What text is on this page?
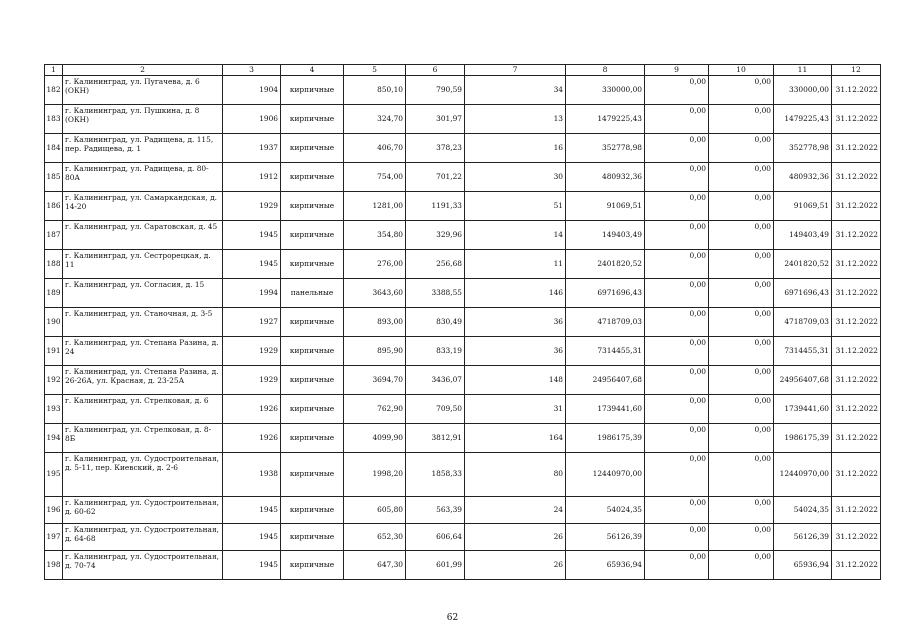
1	2	3	4	5	6	7	8	9	10	11	12
182	г. Калининград, ул. Пугачева, д. 6 (ОКН)	1904	кирпичные	850,10	790,59	34	330000,00	0,00	0,00	330000,00	31.12.2022
183	г. Калининград, ул. Пушкина, д. 8 (ОКН)	1906	кирпичные	324,70	301,97	13	1479225,43	0,00	0,00	1479225,43	31.12.2022
184	г. Калининград, ул. Радищева, д. 115, пер. Радищева, д. 1	1937	кирпичные	406,70	378,23	16	352778,98	0,00	0,00	352778,98	31.12.2022
185	г. Калининград, ул. Радищева, д. 80-80А	1912	кирпичные	754,00	701,22	30	480932,36	0,00	0,00	480932,36	31.12.2022
186	г. Калининград, ул. Самаркандская, д. 14-20	1929	кирпичные	1281,00	1191,33	51	91069,51	0,00	0,00	91069,51	31.12.2022
187	г. Калининград, ул. Саратовская, д. 45	1945	кирпичные	354,80	329,96	14	149403,49	0,00	0,00	149403,49	31.12.2022
188	г. Калининград, ул. Сестрорецкая, д. 11	1945	кирпичные	276,00	256,68	11	2401820,52	0,00	0,00	2401820,52	31.12.2022
189	г. Калининград, ул. Согласия, д. 15	1994	панельные	3643,60	3388,55	146	6971696,43	0,00	0,00	6971696,43	31.12.2022
190	г. Калининград, ул. Станочная, д. 3-5	1927	кирпичные	893,00	830,49	36	4718709,03	0,00	0,00	4718709,03	31.12.2022
191	г. Калининград, ул. Степана Разина, д. 24	1929	кирпичные	895,90	833,19	36	7314455,31	0,00	0,00	7314455,31	31.12.2022
192	г. Калининград, ул. Степана Разина, д. 26-26А, ул. Красная, д. 23-25А	1929	кирпичные	3694,70	3436,07	148	24956407,68	0,00	0,00	24956407,68	31.12.2022
193	г. Калининград, ул. Стрелковая, д. 6	1926	кирпичные	762,90	709,50	31	1739441,60	0,00	0,00	1739441,60	31.12.2022
194	г. Калининград, ул. Стрелковая, д. 8-8Б	1926	кирпичные	4099,90	3812,91	164	1986175,39	0,00	0,00	1986175,39	31.12.2022
195	г. Калининград, ул. Судостроительная, д. 5-11, пер. Киевский, д. 2-6	1938	кирпичные	1998,20	1858,33	80	12440970,00	0,00	0,00	12440970,00	31.12.2022
196	г. Калининград, ул. Судостроительная, д. 60-62	1945	кирпичные	605,80	563,39	24	54024,35	0,00	0,00	54024,35	31.12.2022
197	г. Калининград, ул. Судостроительная, д. 64-68	1945	кирпичные	652,30	606,64	26	56126,39	0,00	0,00	56126,39	31.12.2022
198	г. Калининград, ул. Судостроительная, д. 70-74	1945	кирпичные	647,30	601,99	26	65936,94	0,00	0,00	65936,94	31.12.2022
62
